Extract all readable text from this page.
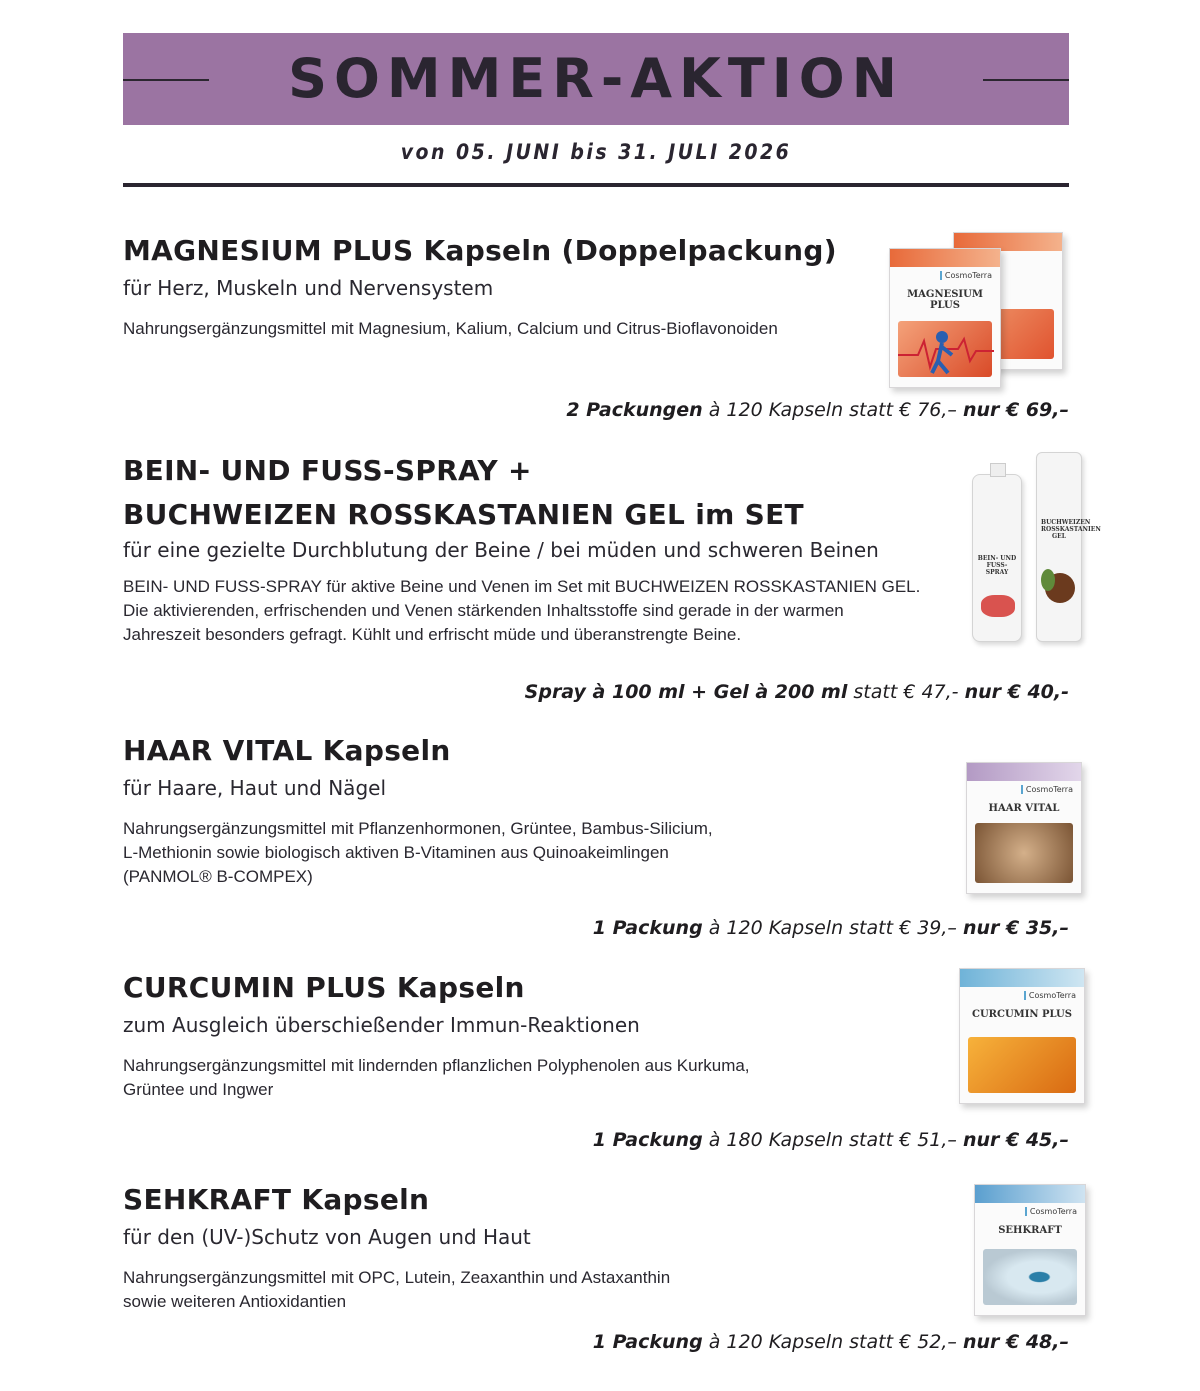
SOMMER-AKTION
von 05. JUNI bis 31. JULI 2026
MAGNESIUM PLUS Kapseln (Doppelpackung)
für Herz, Muskeln und Nervensystem
Nahrungsergänzungsmittel mit Magnesium, Kalium, Calcium und Citrus-Bioflavonoiden
CosmoTerra
MAGNESIUM PLUS
2 Packungen à 120 Kapseln statt € 76,– nur € 69,–
BEIN- UND FUSS-SPRAY +
BUCHWEIZEN ROSSKASTANIEN GEL im SET
für eine gezielte Durchblutung der Beine / bei müden und schweren Beinen
BEIN- UND FUSS-SPRAY für aktive Beine und Venen im Set mit BUCHWEIZEN ROSSKASTANIEN GEL.
Die aktivierenden, erfrischenden und Venen stärkenden Inhaltsstoffe sind gerade in der warmen
Jahreszeit besonders gefragt. Kühlt und erfrischt müde und überanstrengte Beine.
BUCHWEIZEN ROSSKASTANIEN GEL
BEIN- UND FUSS-SPRAY
Spray à 100 ml + Gel à 200 ml statt € 47,- nur € 40,-
HAAR VITAL Kapseln
für Haare, Haut und Nägel
Nahrungsergänzungsmittel mit Pflanzenhormonen, Grüntee, Bambus-Silicium,
L-Methionin sowie biologisch aktiven B-Vitaminen aus Quinoakeimlingen
(PANMOL® B-COMPEX)
CosmoTerra
HAAR VITAL
1 Packung à 120 Kapseln statt € 39,– nur € 35,–
CURCUMIN PLUS Kapseln
zum Ausgleich überschießender Immun-Reaktionen
Nahrungsergänzungsmittel mit lindernden pflanzlichen Polyphenolen aus Kurkuma,
Grüntee und Ingwer
CosmoTerra
CURCUMIN PLUS
1 Packung à 180 Kapseln statt € 51,– nur € 45,–
SEHKRAFT Kapseln
für den (UV-)Schutz von Augen und Haut
Nahrungsergänzungsmittel mit OPC, Lutein, Zeaxanthin und Astaxanthin
sowie weiteren Antioxidantien
CosmoTerra
SEHKRAFT
1 Packung à 120 Kapseln statt € 52,– nur € 48,–
